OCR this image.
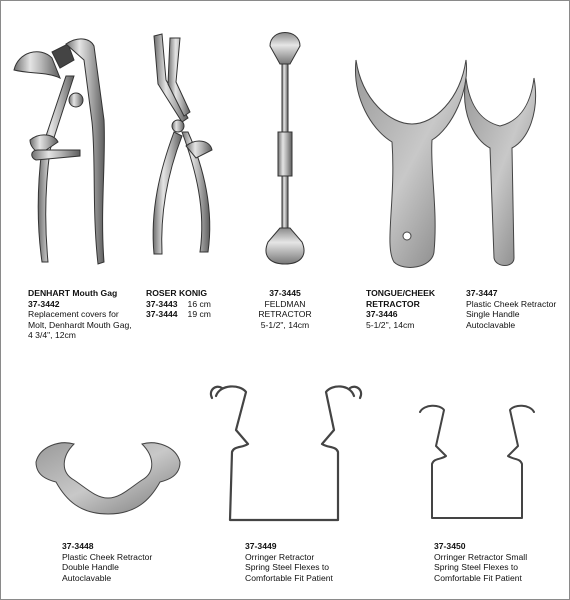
DENHART Mouth Gag
37-3442
Replacement covers for
Molt, Denhardt Mouth Gag,
4 3/4", 12cm
ROSER KONIG
37-3443 16 cm
37-3444 19 cm
37-3445
FELDMAN
RETRACTOR
5-1/2", 14cm
TONGUE/CHEEK
RETRACTOR
37-3446
5-1/2", 14cm
37-3447
Plastic Cheek Retractor
Single Handle
Autoclavable
37-3448
Plastic Cheek Retractor
Double Handle
Autoclavable
37-3449
Orringer Retractor
Spring Steel Flexes to
Comfortable Fit Patient
37-3450
Orringer Retractor Small
Spring Steel Flexes to
Comfortable Fit Patient
